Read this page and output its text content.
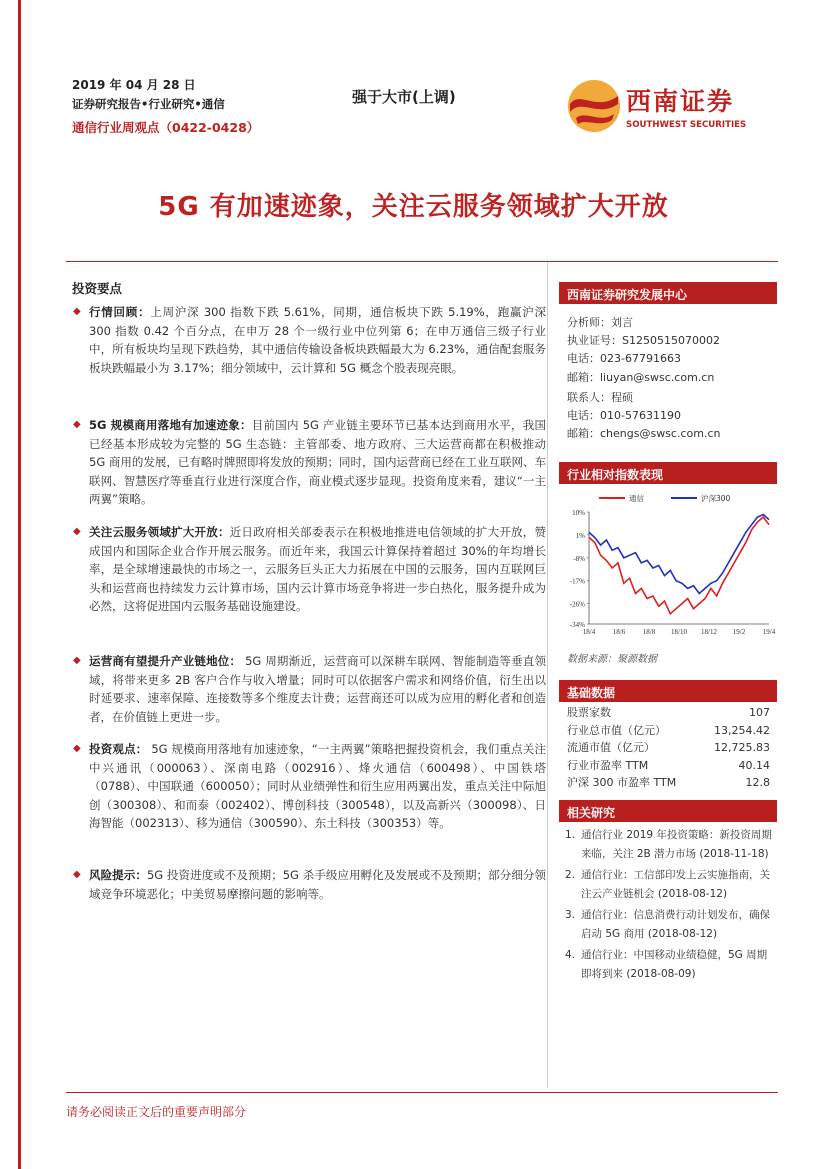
2019 年 04 月 28 日
证券研究报告•行业研究•通信
通信行业周观点（0422-0428）
强于大市(上调)	西南证券
SOUTHWEST SECURITIES
5G 有加速迹象，关注云服务领域扩大开放
投资要点
◆ 行情回顾：上周沪深 300 指数下跌 5.61%，同期，通信板块下跌 5.19%，跑赢沪深 300 指数 0.42 个百分点，在申万 28 个一级行业中位列第 6；在申万通信三级子行业中，所有板块均呈现下跌趋势，其中通信传输设备板块跌幅最大为 6.23%，通信配套服务板块跌幅最小为 3.17%；细分领域中，云计算和 5G 概念个股表现亮眼。
◆ 5G 规模商用落地有加速迹象：目前国内 5G 产业链主要环节已基本达到商用水平，我国已经基本形成较为完整的 5G 生态链：主管部委、地方政府、三大运营商都在积极推动 5G 商用的发展，已有略时牌照即将发放的预期；同时，国内运营商已经在工业互联网、车联网、智慧医疗等垂直行业进行深度合作，商业模式逐步显现。投资角度来看，建议“一主两翼”策略。
◆ 关注云服务领域扩大开放：近日政府相关部委表示在积极地推进电信领域的扩大开放，赞成国内和国际企业合作开展云服务。而近年来，我国云计算保持着超过 30%的年均增长率，是全球增速最快的市场之一，云服务巨头正大力拓展在中国的云服务，国内互联网巨头和运营商也持续发力云计算市场，国内云计算市场竞争将进一步白热化，服务提升成为必然，这将促进国内云服务基础设施建设。
◆ 运营商有望提升产业链地位： 5G 周期渐近，运营商可以深耕车联网、智能制造等垂直领域，将带来更多 2B 客户合作与收入增量；同时可以依据客户需求和网络价值，衍生出以时延要求、速率保障、连接数等多个维度去计费；运营商还可以成为应用的孵化者和创造者，在价值链上更进一步。
◆ 投资观点： 5G 规模商用落地有加速迹象，“一主两翼”策略把握投资机会，我们重点关注中兴通讯（000063）、深南电路（002916）、烽火通信（600498）、中国铁塔（0788）、中国联通（600050）；同时从业绩弹性和衍生应用两翼出发，重点关注中际旭创（300308）、和而泰（002402）、博创科技（300548），以及高新兴（300098）、日海智能（002313）、移为通信（300590）、东土科技（300353）等。
◆ 风险提示：5G 投资进度或不及预期；5G 杀手级应用孵化及发展或不及预期；部分细分领域竞争环境恶化；中美贸易摩擦问题的影响等。
西南证券研究发展中心
分析师：刘言
执业证号：S1250515070002
电话：023-67791663
邮箱：liuyan@swsc.com.cn
联系人：程硕
电话：010-57631190
邮箱：chengs@swsc.com.cn
行业相对指数表现
10%
1%
-8%
-17%
-26%
-34%
18/4	18/6	18/8 18/10 18/12 19/2	19/4
通信	沪深300
数据来源：聚源数据
基础数据
股票家数	107
行业总市值（亿元）	13,254.42
流通市值（亿元）	12,725.83
行业市盈率 TTM	40.14
沪深 300 市盈率 TTM	12.8
相关研究
1. 通信行业 2019 年投资策略：新投资周期来临，关注 2B 潜力市场 (2018-11-18)
2. 通信行业：工信部印发上云实施指南，关注云产业链机会 (2018-08-12)
3. 通信行业：信息消费行动计划发布，确保启动 5G 商用 (2018-08-12)
4. 通信行业：中国移动业绩稳健，5G 周期即将到来 (2018-08-09)
请务必阅读正文后的重要声明部分
